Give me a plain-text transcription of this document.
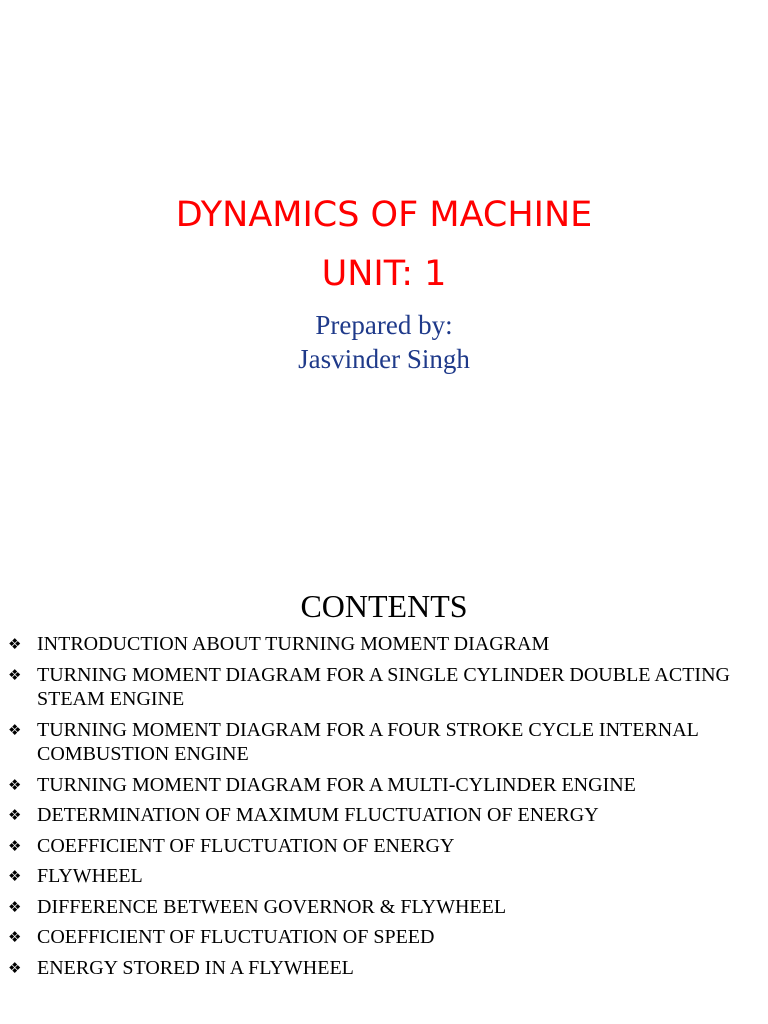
DYNAMICS OF MACHINE
UNIT: 1
Prepared by:
Jasvinder Singh
CONTENTS
❖ INTRODUCTION ABOUT TURNING MOMENT DIAGRAM
❖ TURNING MOMENT DIAGRAM FOR A SINGLE CYLINDER DOUBLE ACTING STEAM ENGINE
❖ TURNING MOMENT DIAGRAM FOR A FOUR STROKE CYCLE INTERNAL COMBUSTION ENGINE
❖ TURNING MOMENT DIAGRAM FOR A MULTI-CYLINDER ENGINE
❖ DETERMINATION OF MAXIMUM FLUCTUATION OF ENERGY
❖ COEFFICIENT OF FLUCTUATION OF ENERGY
❖ FLYWHEEL
❖ DIFFERENCE BETWEEN GOVERNOR & FLYWHEEL
❖ COEFFICIENT OF FLUCTUATION OF SPEED
❖ ENERGY STORED IN A FLYWHEEL
